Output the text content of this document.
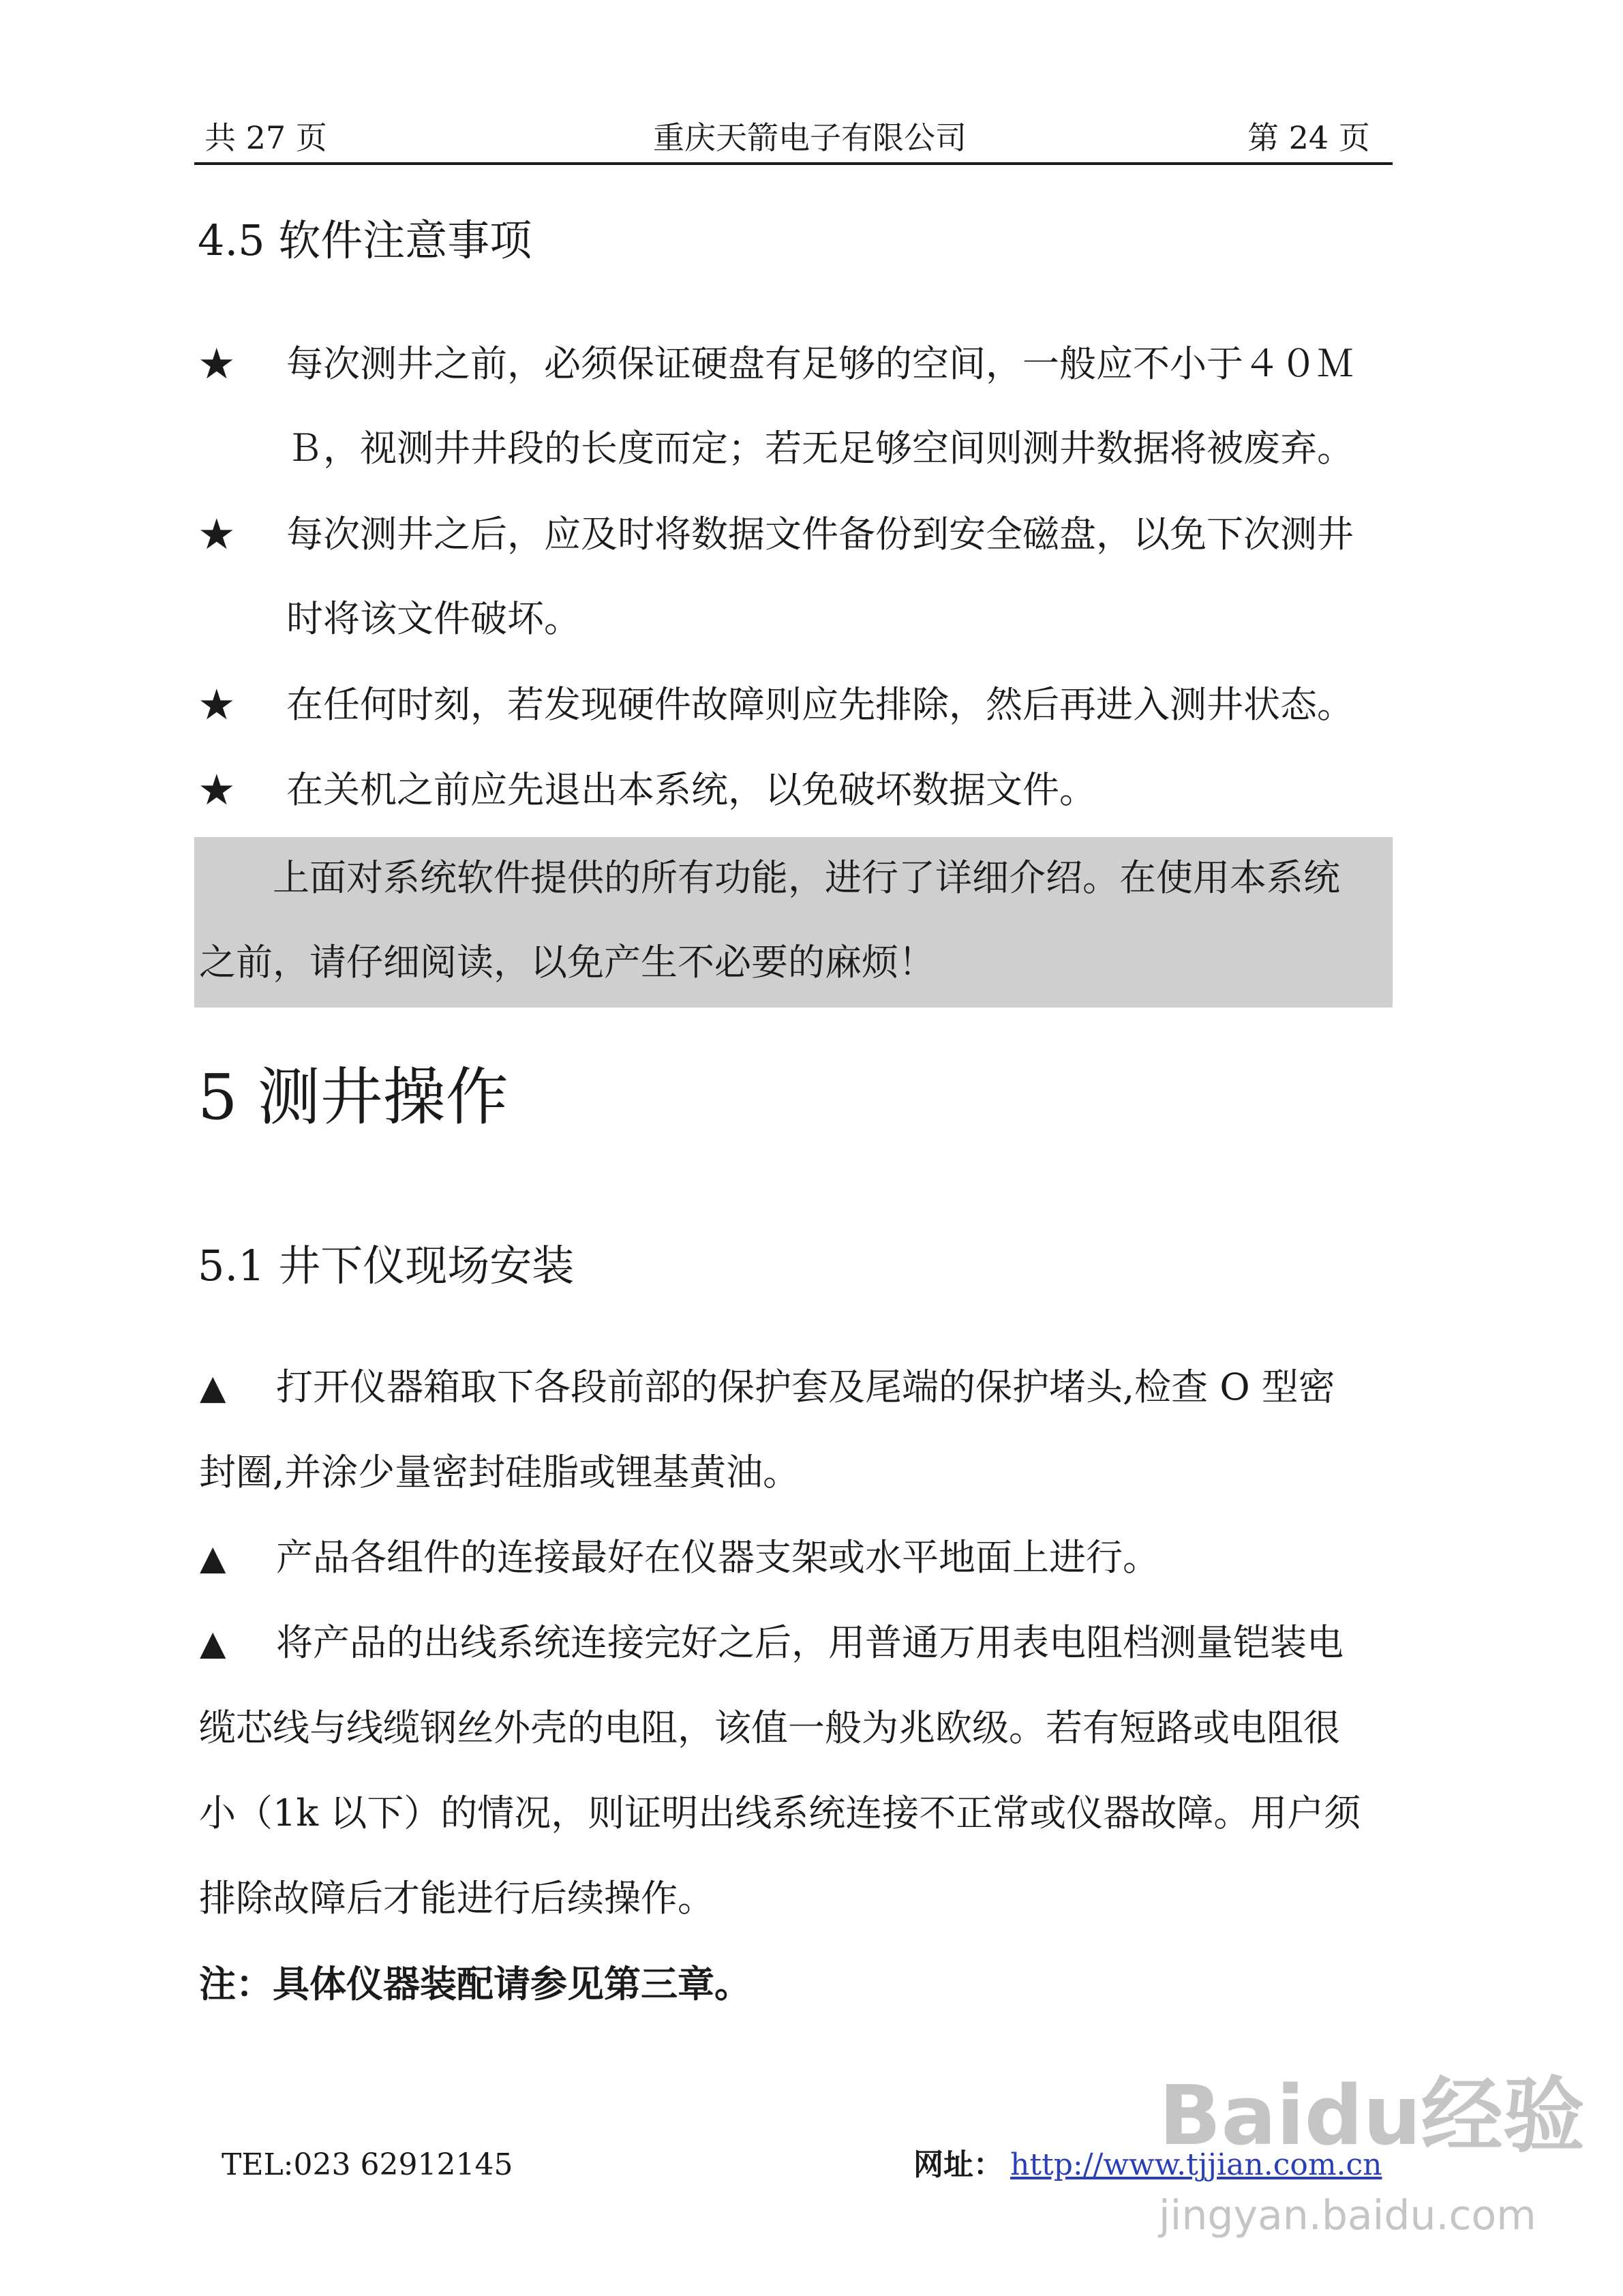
共 27 页	重庆天箭电子有限公司	第 24 页
4.5 软件注意事项
★ 每次测井之前，必须保证硬盘有足够的空间，一般应不小于４０Ｍ
Ｂ，视测井井段的长度而定；若无足够空间则测井数据将被废弃。
★ 每次测井之后，应及时将数据文件备份到安全磁盘，以免下次测井
时将该文件破坏。
★ 在任何时刻，若发现硬件故障则应先排除，然后再进入测井状态。
★ 在关机之前应先退出本系统，以免破坏数据文件。
上面对系统软件提供的所有功能，进行了详细介绍。在使用本系统
之前，请仔细阅读，以免产生不必要的麻烦！
5 测井操作
5.1 井下仪现场安装
▲ 打开仪器箱取下各段前部的保护套及尾端的保护堵头,检查 O 型密
封圈,并涂少量密封硅脂或锂基黄油。
▲ 产品各组件的连接最好在仪器支架或水平地面上进行。
▲ 将产品的出线系统连接完好之后，用普通万用表电阻档测量铠装电
缆芯线与线缆钢丝外壳的电阻，该值一般为兆欧级。若有短路或电阻很
小（1k 以下）的情况，则证明出线系统连接不正常或仪器故障。用户须
排除故障后才能进行后续操作。
注：具体仪器装配请参见第三章。
TEL:023 62912145	网址： http://www.tjjian.com.cn
Baidu经验
jingyan.baidu.com
